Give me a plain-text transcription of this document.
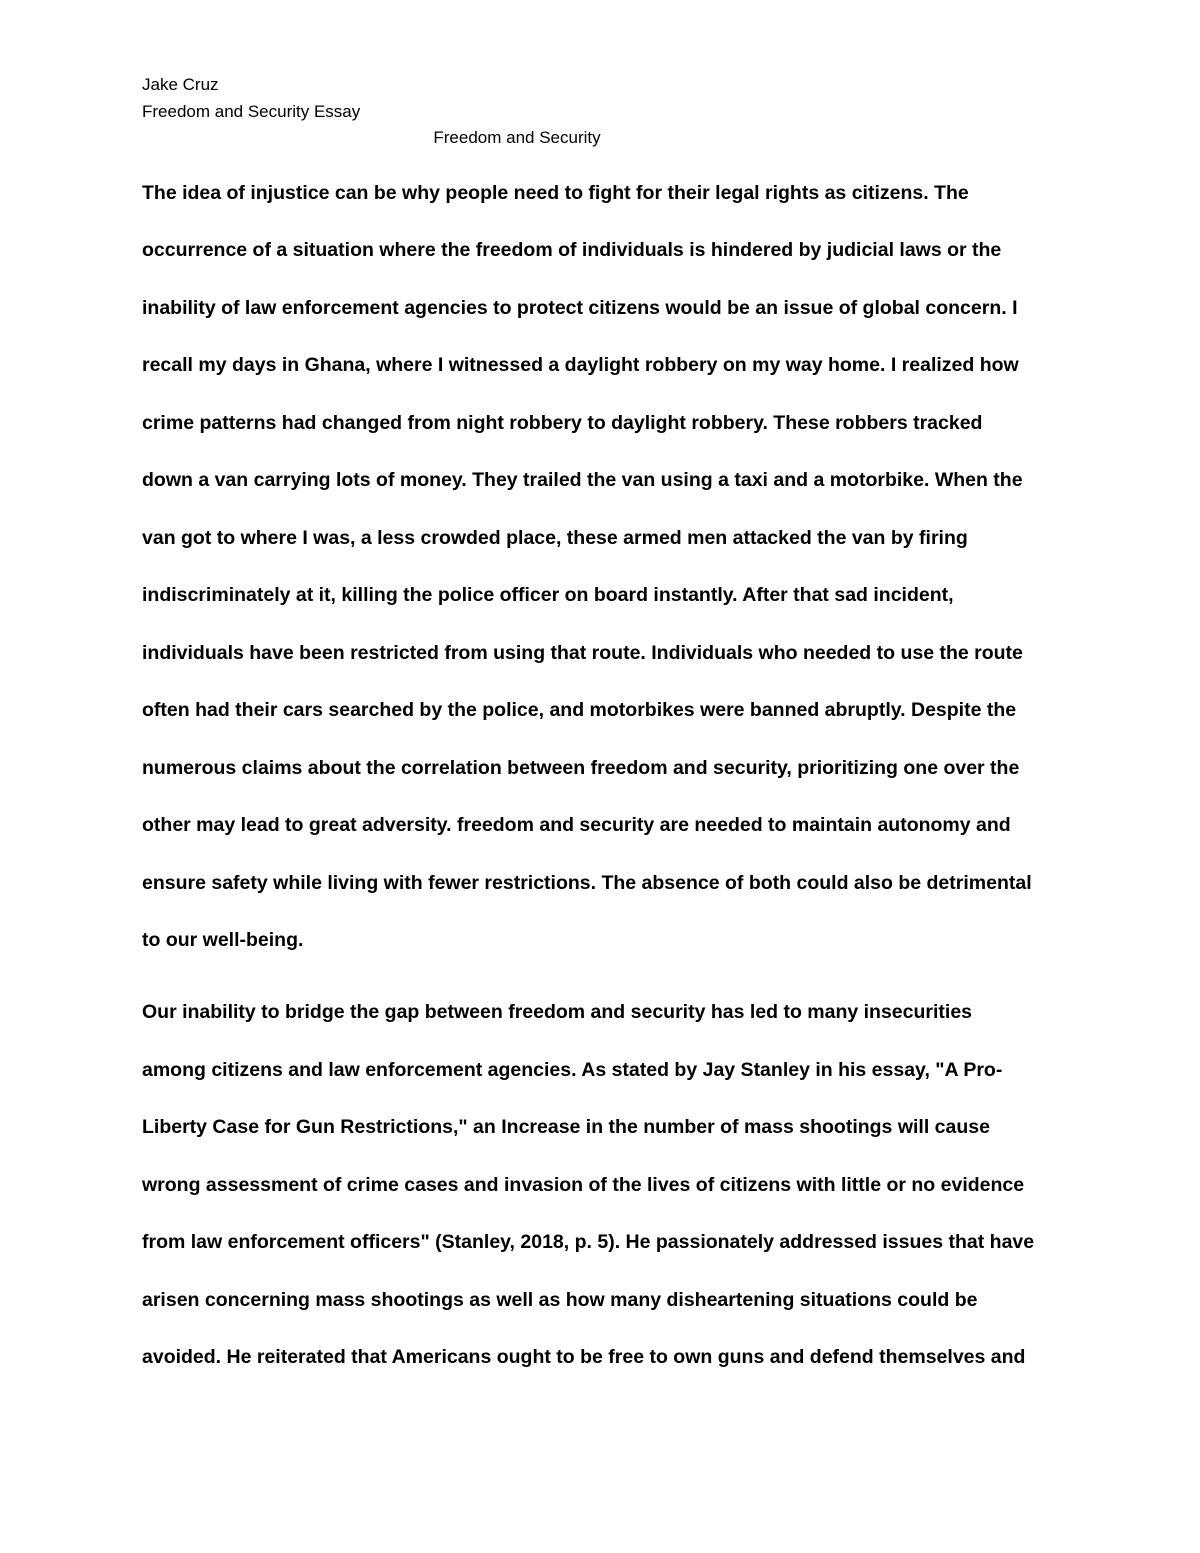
Jake Cruz
Freedom and Security Essay
Freedom and Security
The idea of injustice can be why people need to fight for their legal rights as citizens. The
occurrence of a situation where the freedom of individuals is hindered by judicial laws or the
inability of law enforcement agencies to protect citizens would be an issue of global concern. I
recall my days in Ghana, where I witnessed a daylight robbery on my way home. I realized how
crime patterns had changed from night robbery to daylight robbery. These robbers tracked
down a van carrying lots of money. They trailed the van using a taxi and a motorbike. When the
van got to where I was, a less crowded place, these armed men attacked the van by firing
indiscriminately at it, killing the police officer on board instantly. After that sad incident,
individuals have been restricted from using that route. Individuals who needed to use the route
often had their cars searched by the police, and motorbikes were banned abruptly. Despite the
numerous claims about the correlation between freedom and security, prioritizing one over the
other may lead to great adversity. freedom and security are needed to maintain autonomy and
ensure safety while living with fewer restrictions. The absence of both could also be detrimental
to our well-being.
Our inability to bridge the gap between freedom and security has led to many insecurities
among citizens and law enforcement agencies. As stated by Jay Stanley in his essay, "A Pro-
Liberty Case for Gun Restrictions," an Increase in the number of mass shootings will cause
wrong assessment of crime cases and invasion of the lives of citizens with little or no evidence
from law enforcement officers" (Stanley, 2018, p. 5). He passionately addressed issues that have
arisen concerning mass shootings as well as how many disheartening situations could be
avoided. He reiterated that Americans ought to be free to own guns and defend themselves and
